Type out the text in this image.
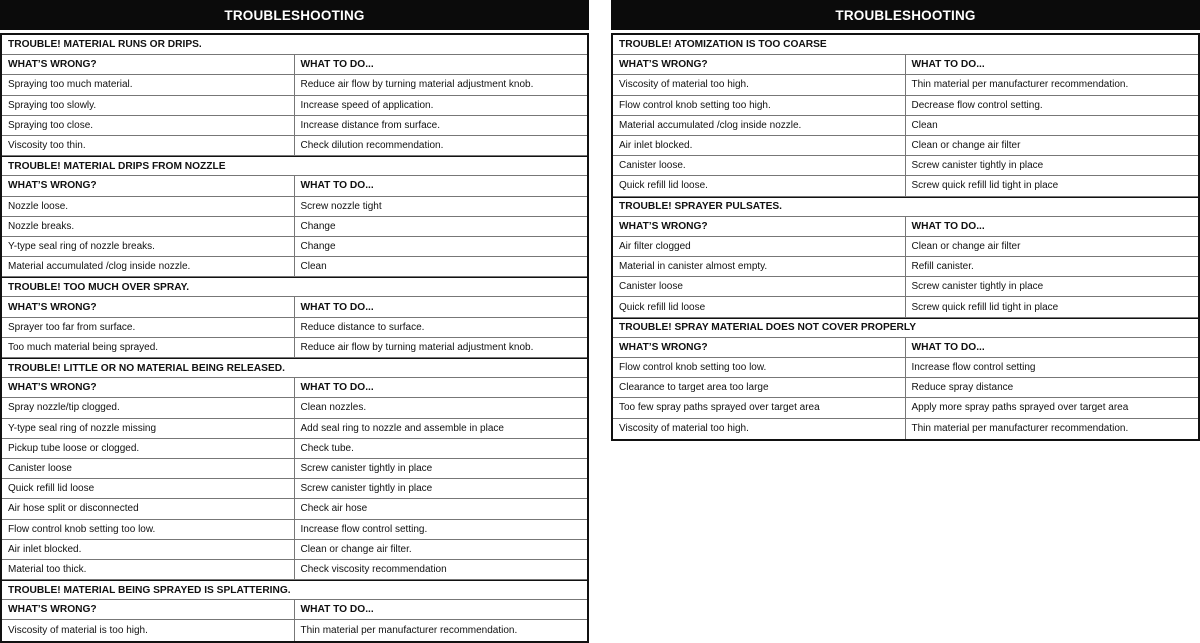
TROUBLESHOOTING
TROUBLE! MATERIAL RUNS OR DRIPS.
WHAT’S WRONG?	WHAT TO DO...
Spraying too much material.	Reduce air flow by turning material adjustment knob.
Spraying too slowly.	Increase speed of application.
Spraying too close.	Increase distance from surface.
Viscosity too thin.	Check dilution recommendation.
TROUBLE! MATERIAL DRIPS FROM NOZZLE
WHAT’S WRONG?	WHAT TO DO...
Nozzle loose.	Screw nozzle tight
Nozzle breaks.	Change
Y-type seal ring of nozzle breaks.	Change
Material accumulated /clog inside nozzle.	Clean
TROUBLE! TOO MUCH OVER SPRAY.
WHAT’S WRONG?	WHAT TO DO...
Sprayer too far from surface.	Reduce distance to surface.
Too much material being sprayed.	Reduce air flow by turning material adjustment knob.
TROUBLE! LITTLE OR NO MATERIAL BEING RELEASED.
WHAT’S WRONG?	WHAT TO DO...
Spray nozzle/tip clogged.	Clean nozzles.
Y-type seal ring of nozzle missing	Add seal ring to nozzle and assemble in place
Pickup tube loose or clogged.	Check tube.
Canister loose	Screw canister tightly in place
Quick refill lid loose	Screw canister tightly in place
Air hose split or disconnected	Check air hose
Flow control knob setting too low.	Increase flow control setting.
Air inlet blocked.	Clean or change air filter.
Material too thick.	Check viscosity recommendation
TROUBLE! MATERIAL BEING SPRAYED IS SPLATTERING.
WHAT’S WRONG?	WHAT TO DO...
Viscosity of material is too high.	Thin material per manufacturer recommendation.
TROUBLESHOOTING
TROUBLE! ATOMIZATION IS TOO COARSE
WHAT’S WRONG?	WHAT TO DO...
Viscosity of material too high.	Thin material per manufacturer recommendation.
Flow control knob setting too high.	Decrease flow control setting.
Material accumulated /clog inside nozzle.	Clean
Air inlet blocked.	Clean or change air filter
Canister loose.	Screw canister tightly in place
Quick refill lid loose.	Screw quick refill lid tight in place
TROUBLE! SPRAYER PULSATES.
WHAT’S WRONG?	WHAT TO DO...
Air filter clogged	Clean or change air filter
Material in canister almost empty.	Refill canister.
Canister loose	Screw canister tightly in place
Quick refill lid loose	Screw quick refill lid tight in place
TROUBLE! SPRAY MATERIAL DOES NOT COVER PROPERLY
WHAT’S WRONG?	WHAT TO DO...
Flow control knob setting too low.	Increase flow control setting
Clearance to target area too large	Reduce spray distance
Too few spray paths sprayed over target area	Apply more spray paths sprayed over target area
Viscosity of material too high.	Thin material per manufacturer recommendation.
